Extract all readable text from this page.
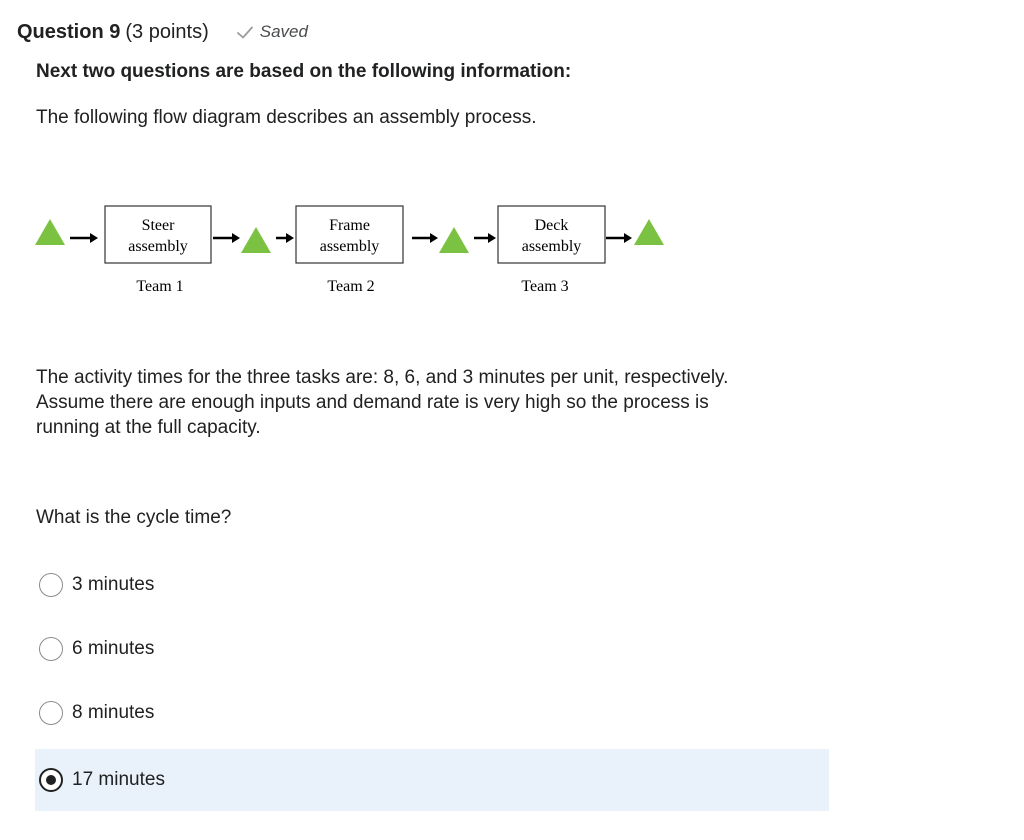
Question 9 (3 points)	Saved
Next two questions are based on the following information:
The following flow diagram describes an assembly process.
Steer
assembly
Frame
assembly
Deck
assembly
Team 1	Team 2	Team 3
The activity times for the three tasks are: 8, 6, and 3 minutes per unit, respectively.
Assume there are enough inputs and demand rate is very high so the process is
running at the full capacity.
What is the cycle time?
3 minutes
6 minutes
8 minutes
17 minutes
